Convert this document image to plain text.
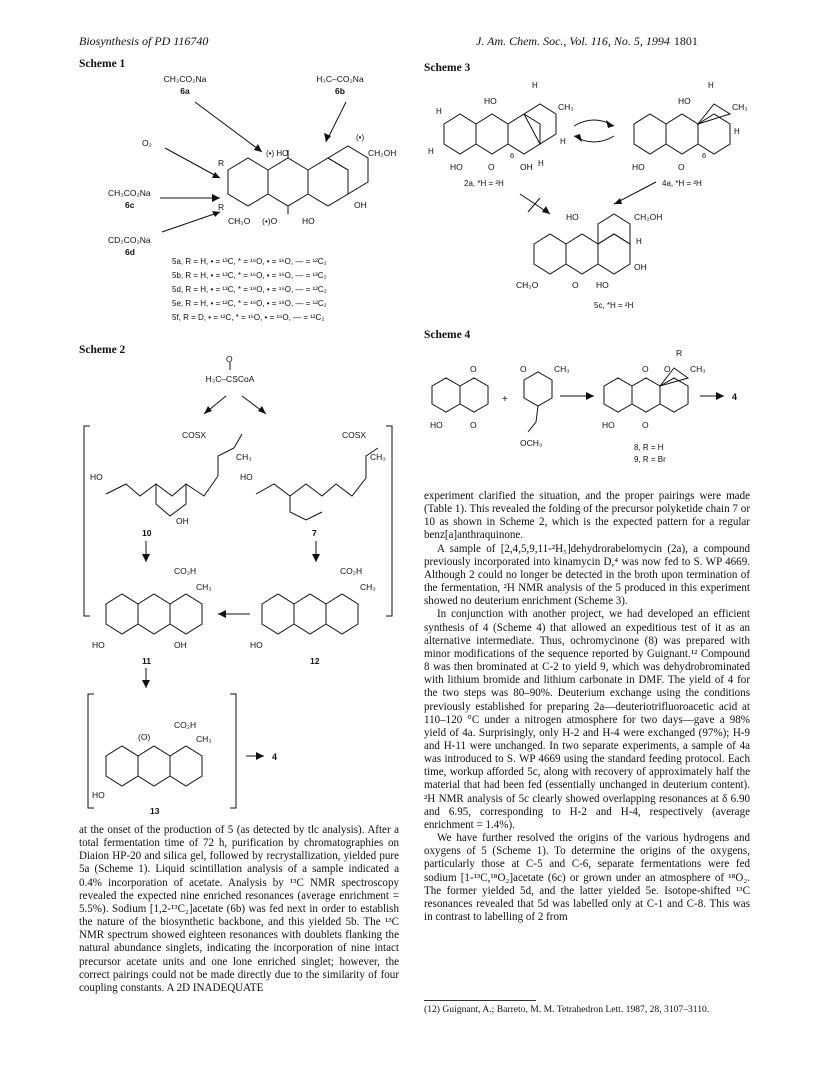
Biosynthesis of PD 116740	J. Am. Chem. Soc., Vol. 116, No. 5, 1994 1801
Scheme 1
CH₃CO₂Na
6a
H₃C–CO₂Na
6b
O₂
CH₃CO₂Na
6c
CD₃CO₂Na
6d
R
R
(•) HO	CH₂OH
(•)
CH₃O (•)O	HO
OH
5a, R = H, • = ¹³C, * = ¹⁶O, • = ¹⁶O, — = ¹²C₂
5b, R = H, • = ¹³C, * = ¹⁶O, • = ¹⁶O, — = ¹³C₂
5d, R = H, • = ¹³C, * = ¹⁸O, • = ¹⁶O, — = ¹²C₂
5e, R = H, • = ¹²C, * = ¹⁶O, • = ¹⁸O, — = ¹²C₂
5f, R = D, • = ¹²C, * = ¹⁶O, • = ¹⁶O, — = ¹²C₂
Scheme 2
O
H₃C–CSCoA
COSX	COSX
CH₃	CH₃
HO	HO
OH
10	7
CO₂H	CO₂H
CH₃	CH₃
HO	OH	HO
11	12
CO₂H
CH₃
(O)
HO
13
4
Scheme 3
HO
CH₃
H
H
H
H
H
HO	O	OH
6
2a, *H = ²H
HO
CH₃
H
H
HO	O
6
4a, *H = ²H
HO	CH₂OH
H
CH₃O	O HO
OH
5c, *H = ²H
Scheme 4
O
HO	O
+
CH₃
O
OCH₃
O
R
CH₃
O
HO	O
4
8, R = H
9, R = Br

at the onset of the production of 5 (as detected by tlc analysis). After a total fermentation time of 72 h, purification by chromatographies on Diaion HP-20 and silica gel, followed by recrystallization, yielded pure 5a (Scheme 1). Liquid scintillation analysis of a sample indicated a 0.4% incorporation of acetate. Analysis by ¹³C NMR spectroscopy revealed the expected nine enriched resonances (average enrichment = 5.5%). Sodium [1,2-¹³C₂]acetate (6b) was fed next in order to establish the nature of the biosynthetic backbone, and this yielded 5b. The ¹³C NMR spectrum showed eighteen resonances with doublets flanking the natural abundance singlets, indicating the incorporation of nine intact precursor acetate units and one lone enriched singlet; however, the correct pairings could not be made directly due to the similarity of four coupling constants. A 2D INADEQUATE

experiment clarified the situation, and the proper pairings were made (Table 1). This revealed the folding of the precursor polyketide chain 7 or 10 as shown in Scheme 2, which is the expected pattern for a regular benz[a]anthraquinone.

A sample of [2,4,5,9,11-²H₅]dehydrorabelomycin (2a), a compound previously incorporated into kinamycin D,⁴ was now fed to S. WP 4669. Although 2 could no longer be detected in the broth upon termination of the fermentation, ²H NMR analysis of the 5 produced in this experiment showed no deuterium enrichment (Scheme 3).

In conjunction with another project, we had developed an efficient synthesis of 4 (Scheme 4) that allowed an expeditious test of it as an alternative intermediate. Thus, ochromycinone (8) was prepared with minor modifications of the sequence reported by Guignant.¹² Compound 8 was then brominated at C-2 to yield 9, which was dehydrobrominated with lithium bromide and lithium carbonate in DMF. The yield of 4 for the two steps was 80–90%. Deuterium exchange using the conditions previously established for preparing 2a—deuteriotrifluoroacetic acid at 110–120 °C under a nitrogen atmosphere for two days—gave a 98% yield of 4a. Surprisingly, only H-2 and H-4 were exchanged (97%); H-9 and H-11 were unchanged. In two separate experiments, a sample of 4a was introduced to S. WP 4669 using the standard feeding protocol. Each time, workup afforded 5c, along with recovery of approximately half the material that had been fed (essentially unchanged in deuterium content). ²H NMR analysis of 5c clearly showed overlapping resonances at δ 6.90 and 6.95, corresponding to H-2 and H-4, respectively (average enrichment = 1.4%).

We have further resolved the origins of the various hydrogens and oxygens of 5 (Scheme 1). To determine the origins of the oxygens, particularly those at C-5 and C-6, separate fermentations were fed sodium [1-¹³C,¹⁸O₂]acetate (6c) or grown under an atmosphere of ¹⁸O₂. The former yielded 5d, and the latter yielded 5e. Isotope-shifted ¹³C resonances revealed that 5d was labelled only at C-1 and C-8. This was in contrast to labelling of 2 from

(12) Guignant, A.; Barreto, M. M. Tetrahedron Lett. 1987, 28, 3107–3110.
